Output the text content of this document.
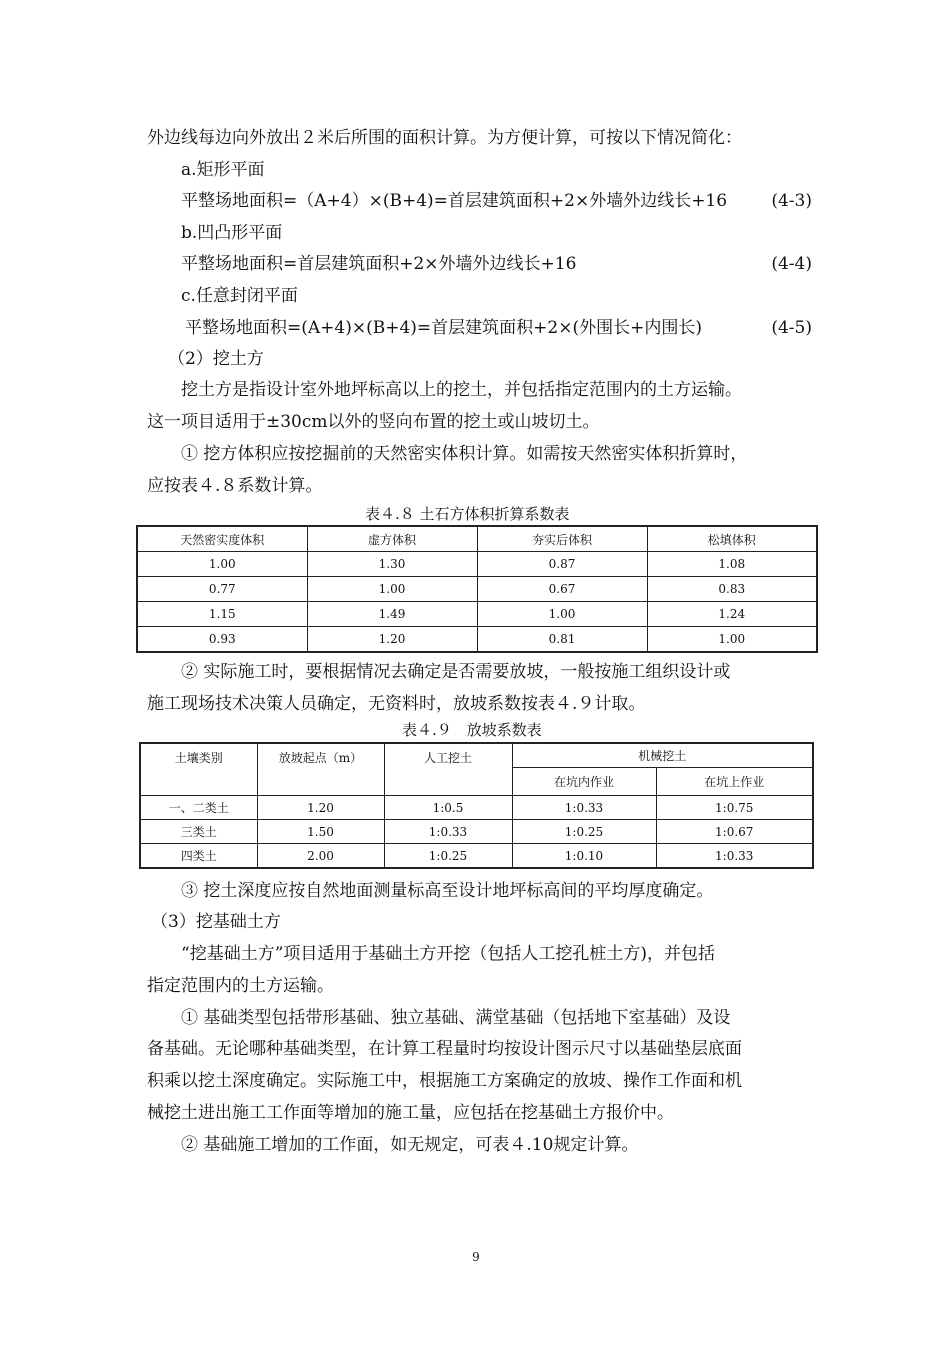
外边线每边向外放出２米后所围的面积计算。为方便计算，可按以下情况简化：
a.矩形平面
平整场地面积=（A+4）×(B+4)=首层建筑面积+2×外墙外边线长+16	(4-3)
b.凹凸形平面
平整场地面积=首层建筑面积+2×外墙外边线长+16	(4-4)
c.任意封闭平面
平整场地面积=(A+4)×(B+4)=首层建筑面积+2×(外围长+内围长)	(4-5)
（2）挖土方
挖土方是指设计室外地坪标高以上的挖土，并包括指定范围内的土方运输。
这一项目适用于±30cm以外的竖向布置的挖土或山坡切土。
① 挖方体积应按挖掘前的天然密实体积计算。如需按天然密实体积折算时，
应按表４.８系数计算。
表４.８ 土石方体积折算系数表
天然密实度体积	虚方体积	夯实后体积	松填体积
1.00	1.30	0.87	1.08
0.77	1.00	0.67	0.83
1.15	1.49	1.00	1.24
0.93	1.20	0.81	1.00
② 实际施工时，要根据情况去确定是否需要放坡，一般按施工组织设计或
施工现场技术决策人员确定，无资料时，放坡系数按表４.９计取。
表４.９　放坡系数表
土壤类别	放坡起点（m）	人工挖土	机械挖土	
			在坑内作业	在坑上作业
一、二类土	1.20	1:0.5	1:0.33	1:0.75
三类土	1.50	1:0.33	1:0.25	1:0.67
四类土	2.00	1:0.25	1:0.10	1:0.33
③ 挖土深度应按自然地面测量标高至设计地坪标高间的平均厚度确定。
（3）挖基础土方
“挖基础土方”项目适用于基础土方开挖（包括人工挖孔桩土方)，并包括
指定范围内的土方运输。
① 基础类型包括带形基础、独立基础、满堂基础（包括地下室基础）及设
备基础。无论哪种基础类型，在计算工程量时均按设计图示尺寸以基础垫层底面
积乘以挖土深度确定。实际施工中，根据施工方案确定的放坡、操作工作面和机
械挖土进出施工工作面等增加的施工量，应包括在挖基础土方报价中。
② 基础施工增加的工作面，如无规定，可表４.10规定计算。
9
